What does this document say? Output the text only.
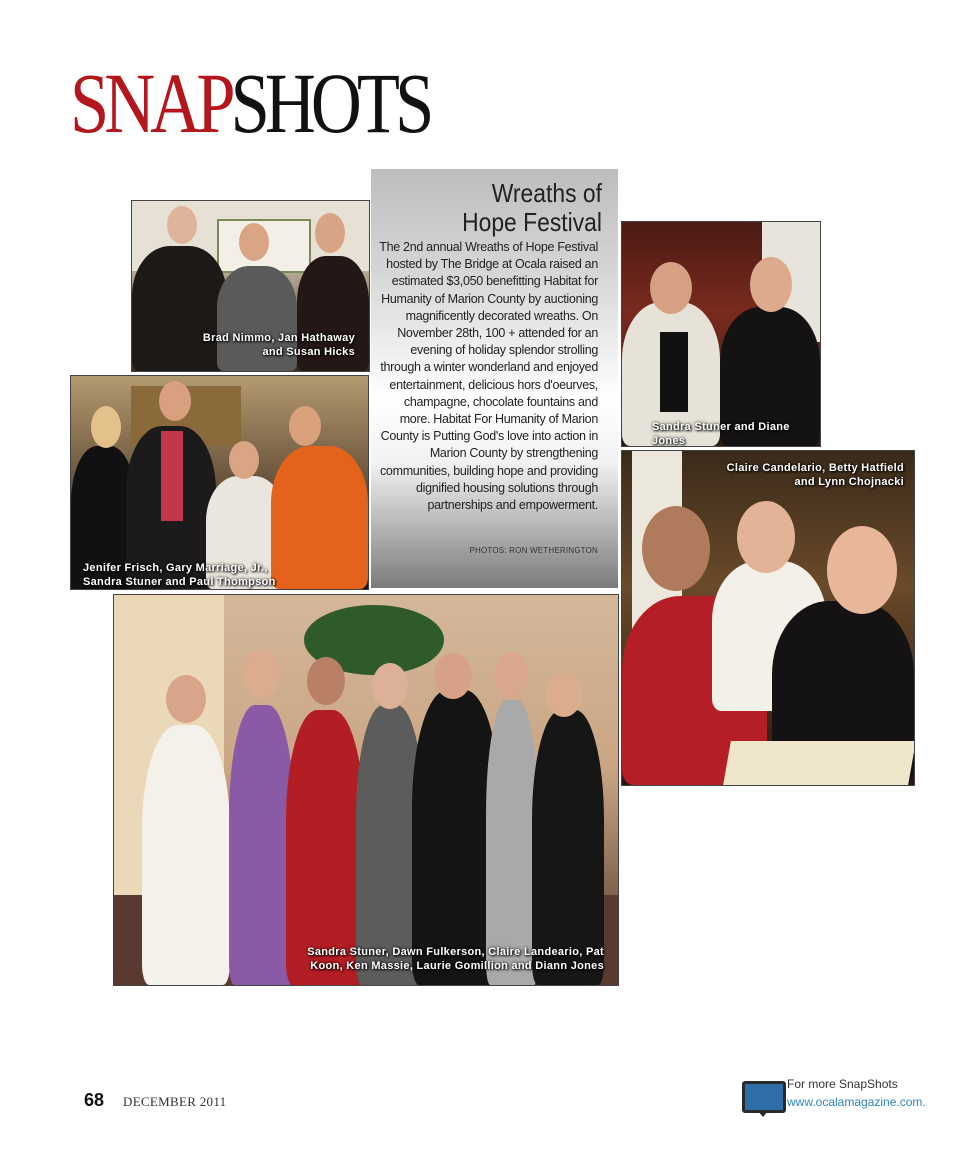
SNAPSHOTS
Brad Nimmo, Jan Hathaway
and Susan Hicks
Jenifer Frisch, Gary Marriage, Jr.,
Sandra Stuner and Paul Thompson
Wreaths of
Hope Festival
The 2nd annual Wreaths of Hope Festival hosted by The Bridge at Ocala raised an estimated $3,050 benefitting Habitat for Humanity of Marion County by auctioning magnificently decorated wreaths. On November 28th, 100 + attended for an evening of holiday splendor strolling through a winter wonderland and enjoyed entertainment, delicious hors d'oeurves, champagne, chocolate fountains and more. Habitat For Humanity of Marion County is Putting God's love into action in Marion County by strengthening communities, building hope and providing dignified housing solutions through partnerships and empowerment.
PHOTOS: RON WETHERINGTON
Sandra Stuner and Diane Jones
Claire Candelario, Betty Hatfield
and Lynn Chojnacki
Sandra Stuner, Dawn Fulkerson, Claire Landeario, Pat
Koon, Ken Massie, Laurie Gomillion and Diann Jones
68 DECEMBER 2011
For more SnapShots
www.ocalamagazine.com.
